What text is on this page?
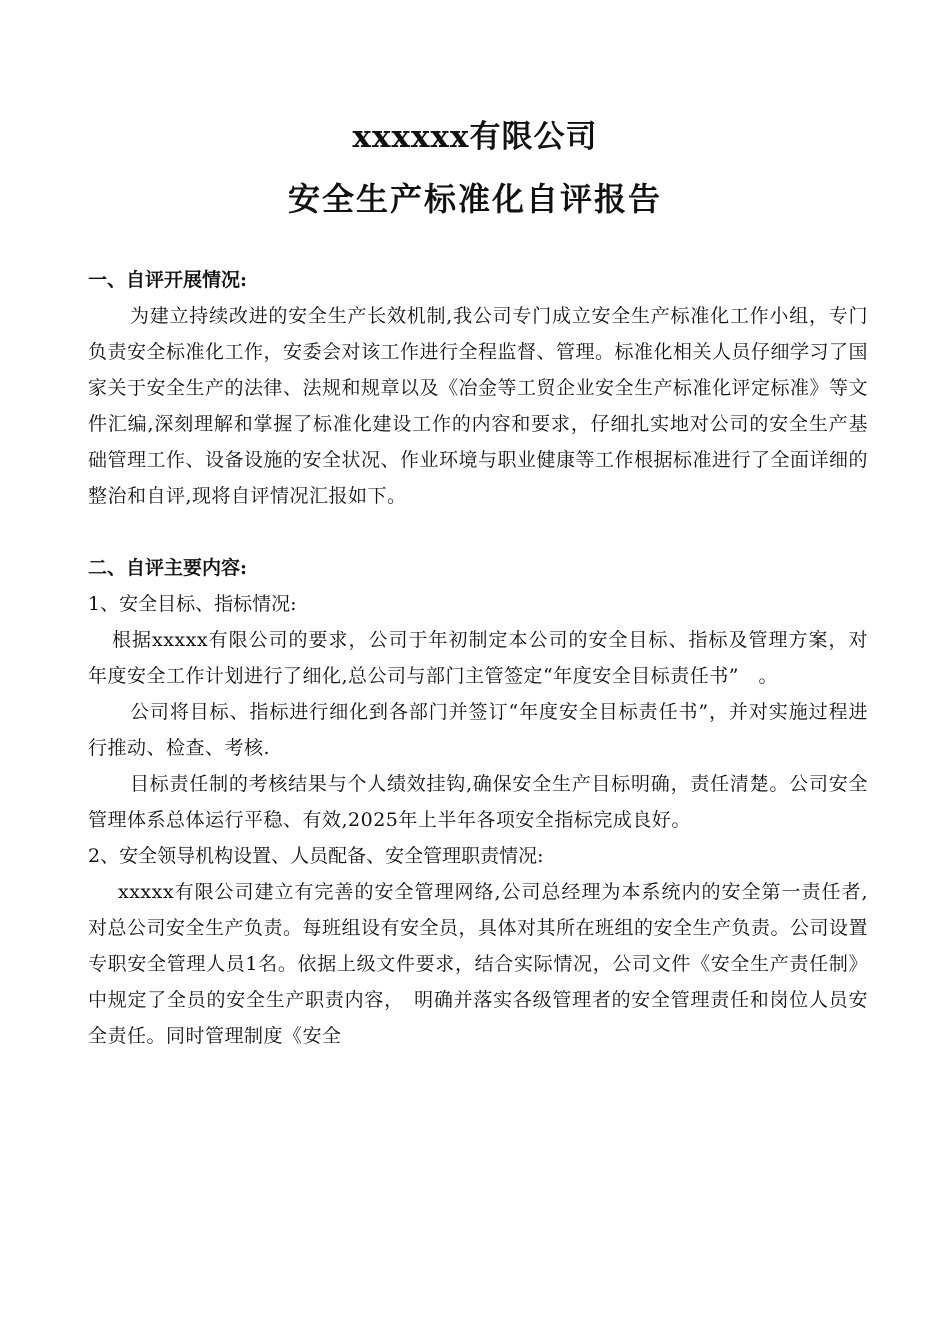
xxxxxx有限公司
安全生产标准化自评报告
一、自评开展情况:
为建立持续改进的安全生产长效机制,我公司专门成立安全生产标准化工作小组，专门负责安全标准化工作，安委会对该工作进行全程监督、管理。标准化相关人员仔细学习了国家关于安全生产的法律、法规和规章以及《冶金等工贸企业安全生产标准化评定标准》等文件汇编,深刻理解和掌握了标准化建设工作的内容和要求，仔细扎实地对公司的安全生产基础管理工作、设备设施的安全状况、作业环境与职业健康等工作根据标准进行了全面详细的整治和自评,现将自评情况汇报如下。
二、自评主要内容:
1、安全目标、指标情况:
根据xxxxx有限公司的要求，公司于年初制定本公司的安全目标、指标及管理方案，对年度安全工作计划进行了细化,总公司与部门主管签定“年度安全目标责任书”　。
公司将目标、指标进行细化到各部门并签订“年度安全目标责任书”，并对实施过程进行推动、检查、考核.
目标责任制的考核结果与个人绩效挂钩,确保安全生产目标明确，责任清楚。公司安全管理体系总体运行平稳、有效,2025年上半年各项安全指标完成良好。
2、安全领导机构设置、人员配备、安全管理职责情况:
xxxxx有限公司建立有完善的安全管理网络,公司总经理为本系统内的安全第一责任者,对总公司安全生产负责。每班组设有安全员，具体对其所在班组的安全生产负责。公司设置专职安全管理人员1名。依据上级文件要求，结合实际情况，公司文件《安全生产责任制》中规定了全员的安全生产职责内容，　明确并落实各级管理者的安全管理责任和岗位人员安全责任。同时管理制度《安全
